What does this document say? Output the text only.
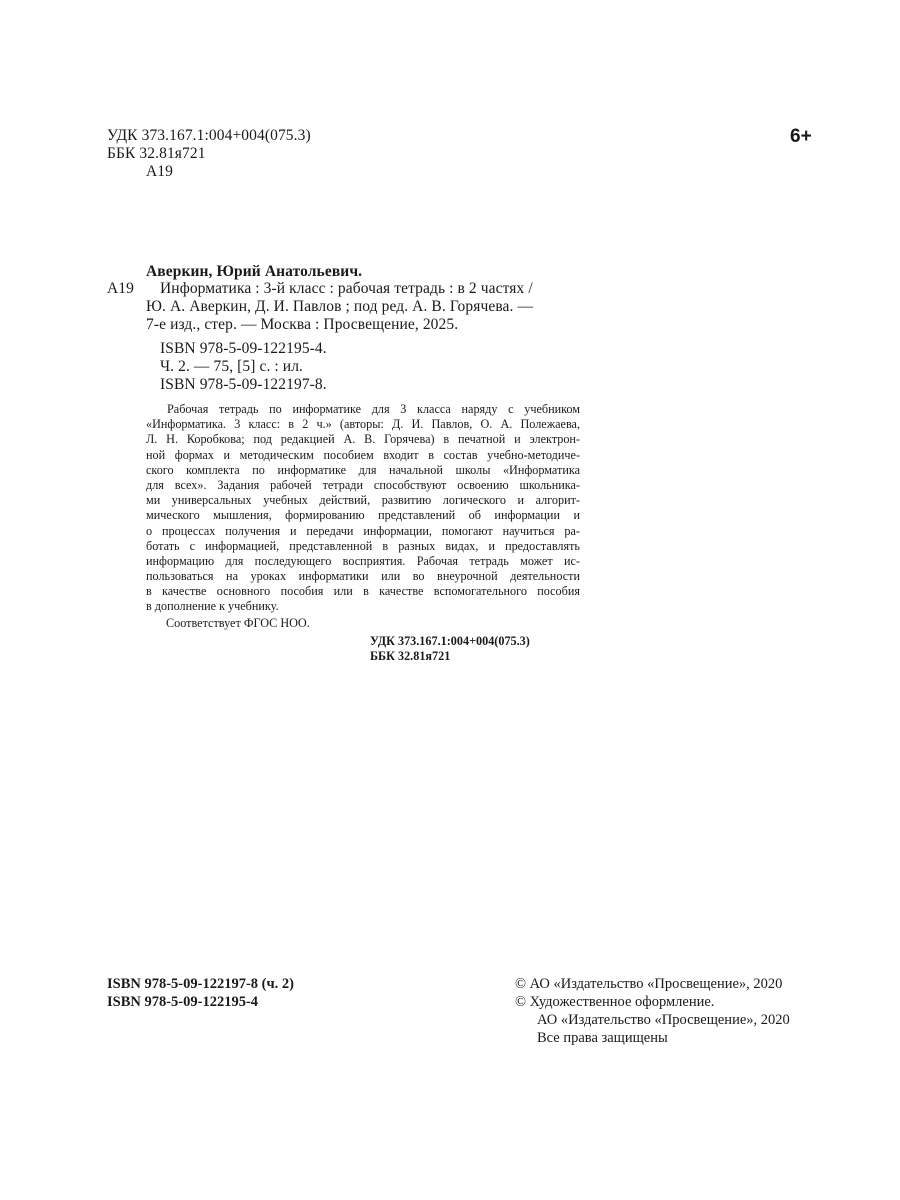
УДК 373.167.1:004+004(075.3)
ББК 32.81я721
А19
6+
Аверкин, Юрий Анатольевич.
А19 Информатика : 3-й класс : рабочая тетрадь : в 2 частях /
Ю. А. Аверкин, Д. И. Павлов ; под ред. А. В. Горячева. —
7-е изд., стер. — Москва : Просвещение, 2025.
ISBN 978-5-09-122195-4.
Ч. 2. — 75, [5] с. : ил.
ISBN 978-5-09-122197-8.
Рабочая тетрадь по информатике для 3 класса наряду с учебником
«Информатика. 3 класс: в 2 ч.» (авторы: Д. И. Павлов, О. А. Полежаева,
Л. Н. Коробкова; под редакцией А. В. Горячева) в печатной и электрон-
ной формах и методическим пособием входит в состав учебно-методиче-
ского комплекта по информатике для начальной школы «Информатика
для всех». Задания рабочей тетради способствуют освоению школьника-
ми универсальных учебных действий, развитию логического и алгорит-
мического мышления, формированию представлений об информации и
о процессах получения и передачи информации, помогают научиться ра-
ботать с информацией, представленной в разных видах, и предоставлять
информацию для последующего восприятия. Рабочая тетрадь может ис-
пользоваться на уроках информатики или во внеурочной деятельности
в качестве основного пособия или в качестве вспомогательного пособия
в дополнение к учебнику.
Соответствует ФГОС НОО.
УДК 373.167.1:004+004(075.3)
ББК 32.81я721
ISBN 978-5-09-122197-8 (ч. 2)
ISBN 978-5-09-122195-4
© АО «Издательство «Просвещение», 2020
© Художественное оформление.
АО «Издательство «Просвещение», 2020
Все права защищены
